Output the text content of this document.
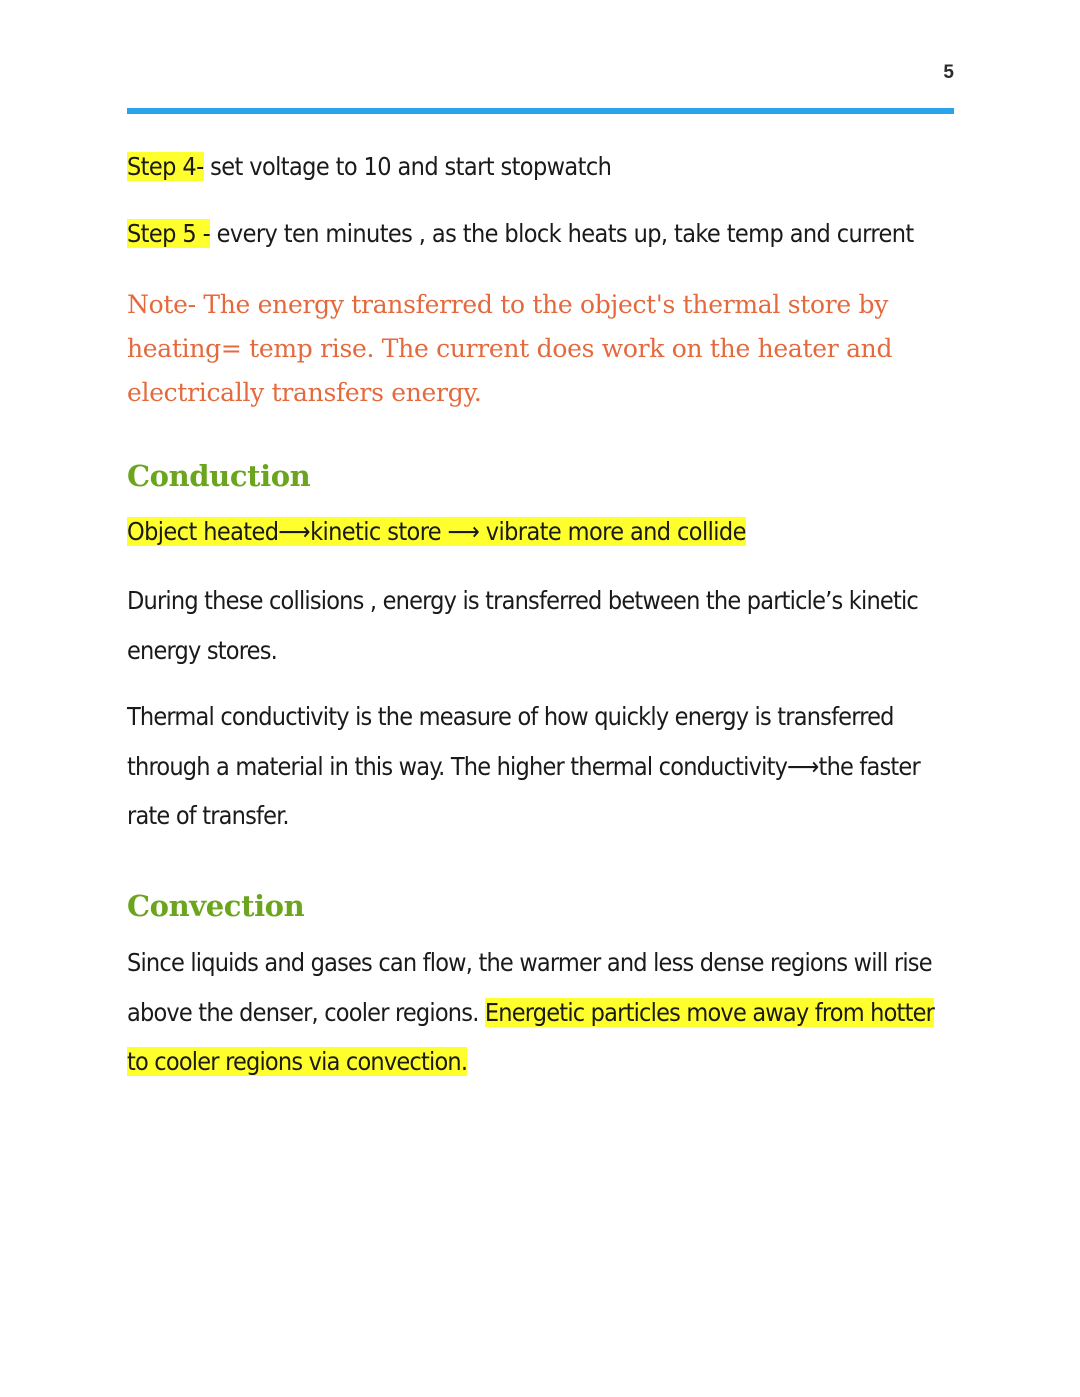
5
Step 4- set voltage to 10 and start stopwatch
Step 5 - every ten minutes , as the block heats up, take temp and current
Note- The energy transferred to the object's thermal store by heating= temp rise. The current does work on the heater and electrically transfers energy.
Conduction
Object heated⟶kinetic store ⟶ vibrate more and collide
During these collisions , energy is transferred between the particle’s kinetic energy stores.
Thermal conductivity is the measure of how quickly energy is transferred through a material in this way. The higher thermal conductivity⟶the faster rate of transfer.
Convection
Since liquids and gases can flow, the warmer and less dense regions will rise above the denser, cooler regions. Energetic particles move away from hotter to cooler regions via convection.
